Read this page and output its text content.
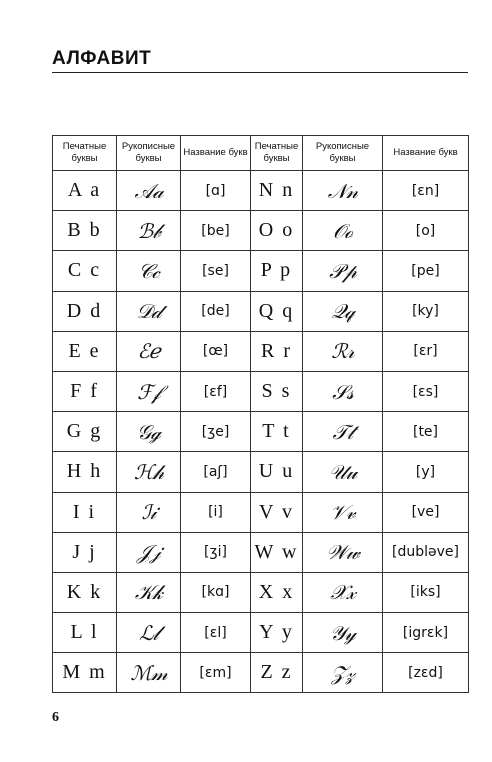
АЛФАВИТ
Печатные буквы	Рукописные буквы	Название букв	Печатные буквы	Рукописные буквы	Название букв
A a	𝒜𝒶	[ɑ]	N n	𝒩𝓃	[ɛn]
B b	ℬ𝒷	[be]	O o	𝒪ℴ	[o]
C c	𝒞𝒸	[se]	P p	𝒫𝓅	[pe]
D d	𝒟𝒹	[de]	Q q	𝒬𝓆	[ky]
E e	ℰℯ	[œ]	R r	ℛ𝓇	[ɛr]
F f	ℱ𝒻	[ɛf]	S s	𝒮𝓈	[ɛs]
G g	𝒢ℊ	[ʒe]	T t	𝒯𝓉	[te]
H h	ℋ𝒽	[aʃ]	U u	𝒰𝓊	[y]
I i	ℐ𝒾	[i]	V v	𝒱𝓋	[ve]
J j	𝒥𝒿	[ʒi]	W w	𝒲𝓌	[dubləve]
K k	𝒦𝓀	[kɑ]	X x	𝒳𝓍	[iks]
L l	ℒ𝓁	[ɛl]	Y y	𝒴𝓎	[igrɛk]
M m	ℳ𝓂	[ɛm]	Z z	𝒵𝓏	[zɛd]
6
